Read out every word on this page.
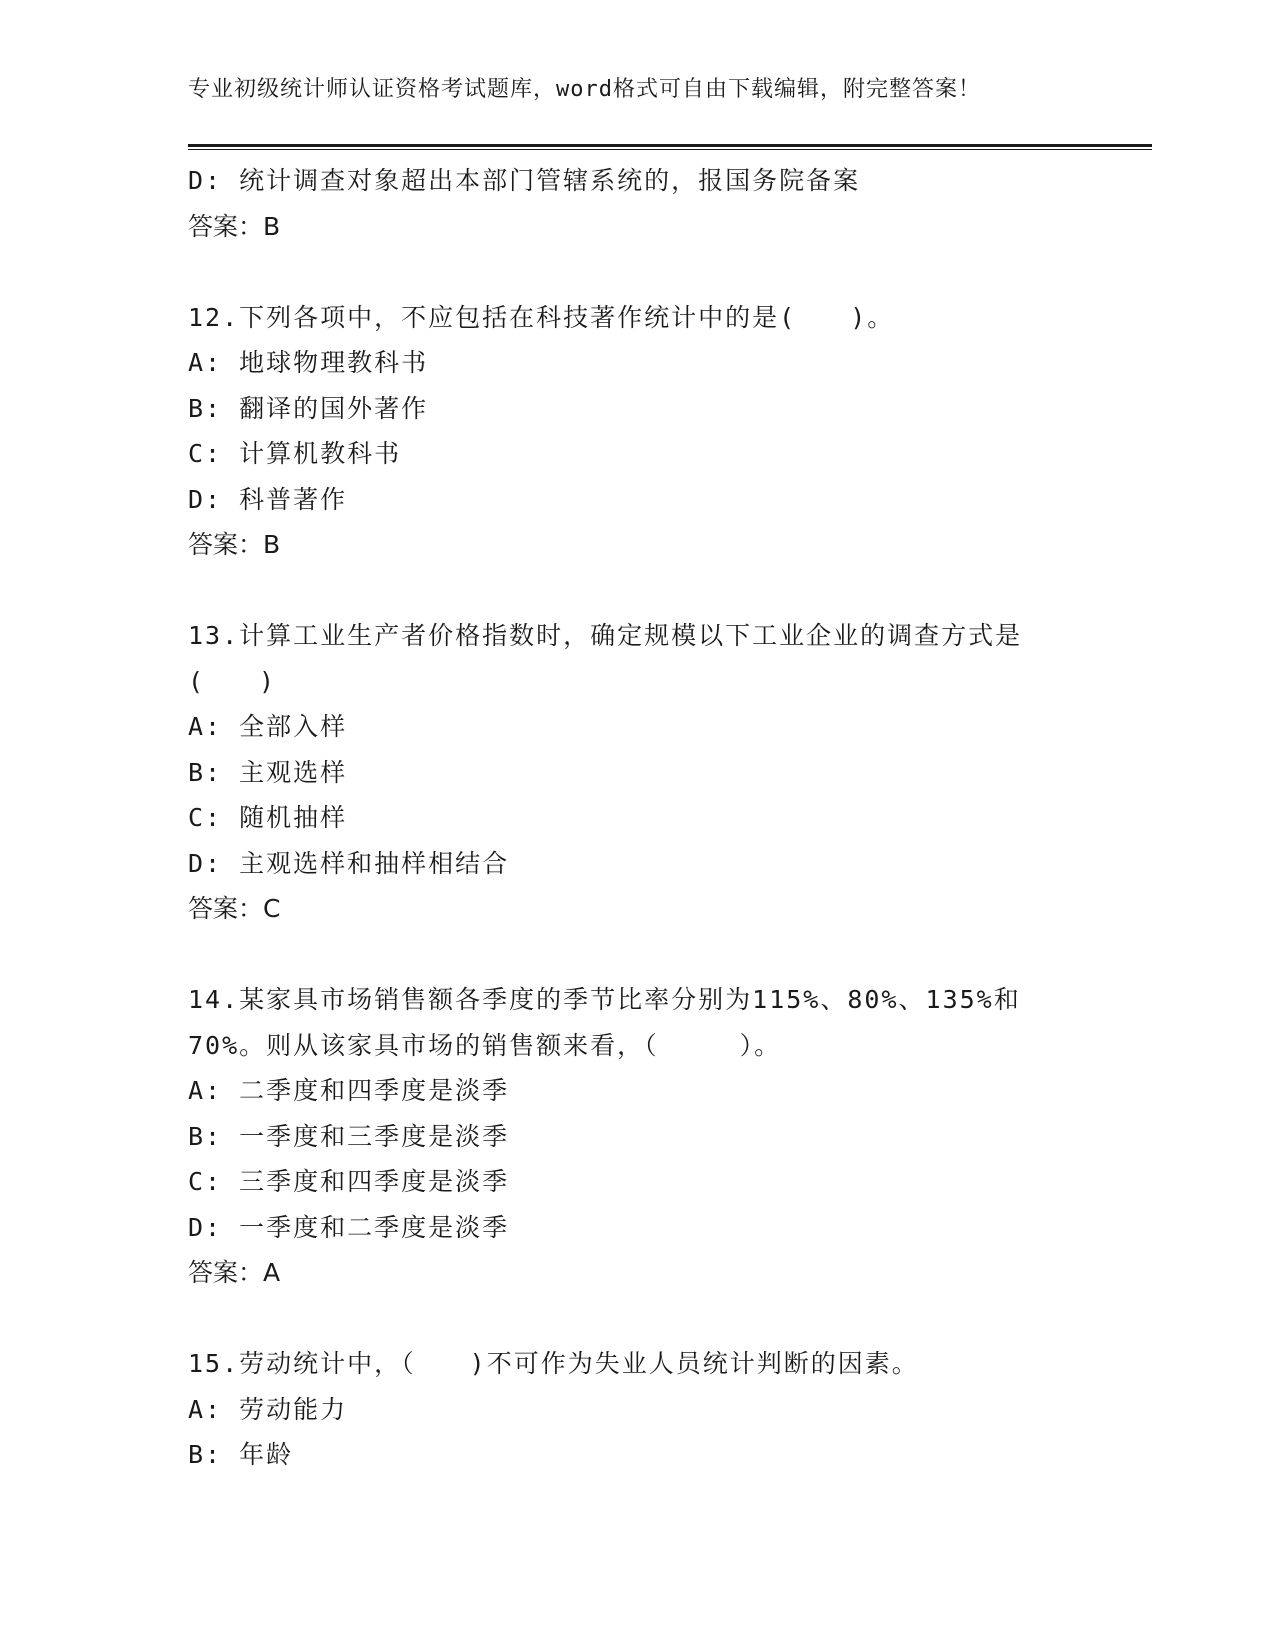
专业初级统计师认证资格考试题库，word格式可自由下载编辑，附完整答案！
D: 统计调查对象超出本部门管辖系统的，报国务院备案
答案：B
12.下列各项中，不应包括在科技著作统计中的是(　　)。
A: 地球物理教科书
B: 翻译的国外著作
C: 计算机教科书
D: 科普著作
答案：B
13.计算工业生产者价格指数时，确定规模以下工业企业的调查方式是
(　　)
A: 全部入样
B: 主观选样
C: 随机抽样
D: 主观选样和抽样相结合
答案：C
14.某家具市场销售额各季度的季节比率分别为115%、80%、135%和
70%。则从该家具市场的销售额来看，（　　　）。
A: 二季度和四季度是淡季
B: 一季度和三季度是淡季
C: 三季度和四季度是淡季
D: 一季度和二季度是淡季
答案：A
15.劳动统计中，（　　)不可作为失业人员统计判断的因素。
A: 劳动能力
B: 年龄
